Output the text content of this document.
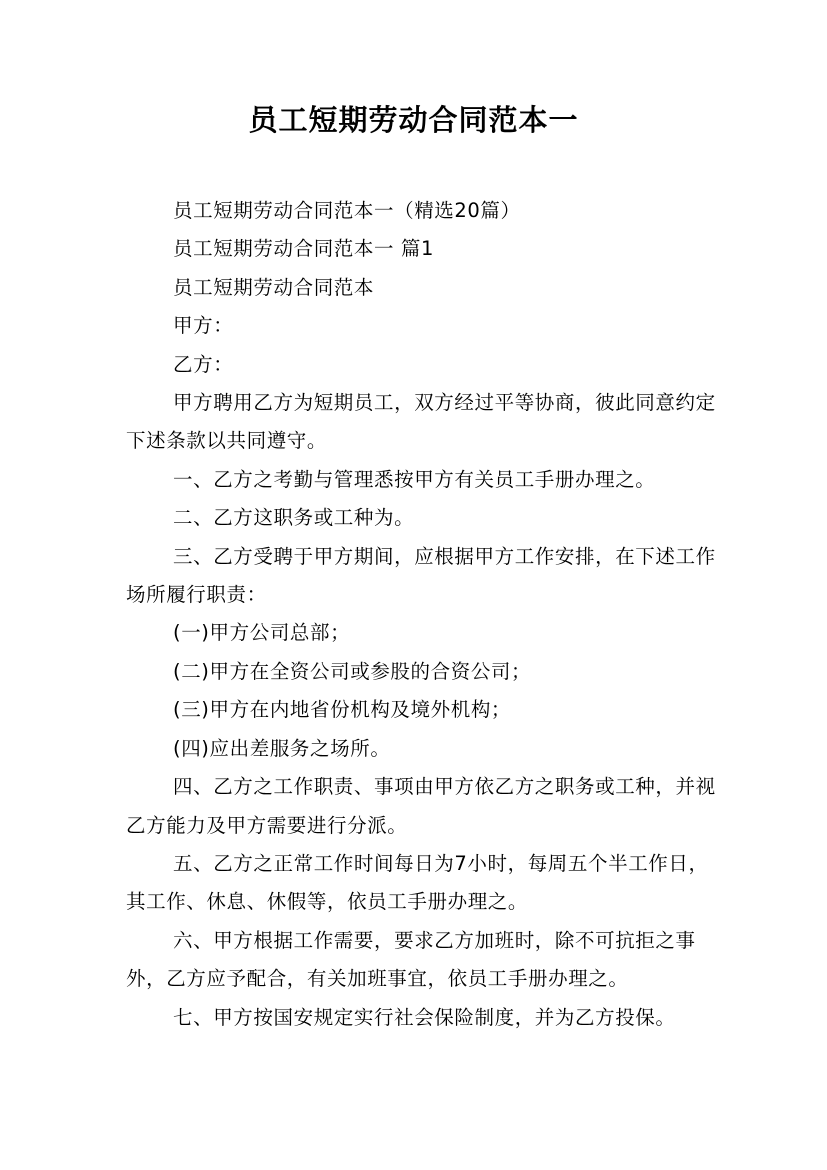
员工短期劳动合同范本一

员工短期劳动合同范本一（精选20篇）

员工短期劳动合同范本一 篇1

员工短期劳动合同范本

甲方：

乙方：

甲方聘用乙方为短期员工，双方经过平等协商，彼此同意约定下述条款以共同遵守。

一、乙方之考勤与管理悉按甲方有关员工手册办理之。

二、乙方这职务或工种为。

三、乙方受聘于甲方期间，应根据甲方工作安排，在下述工作场所履行职责：

(一)甲方公司总部；

(二)甲方在全资公司或参股的合资公司；

(三)甲方在内地省份机构及境外机构；

(四)应出差服务之场所。

四、乙方之工作职责、事项由甲方依乙方之职务或工种，并视乙方能力及甲方需要进行分派。

五、乙方之正常工作时间每日为7小时，每周五个半工作日，其工作、休息、休假等，依员工手册办理之。

六、甲方根据工作需要，要求乙方加班时，除不可抗拒之事外，乙方应予配合，有关加班事宜，依员工手册办理之。

七、甲方按国安规定实行社会保险制度，并为乙方投保。
